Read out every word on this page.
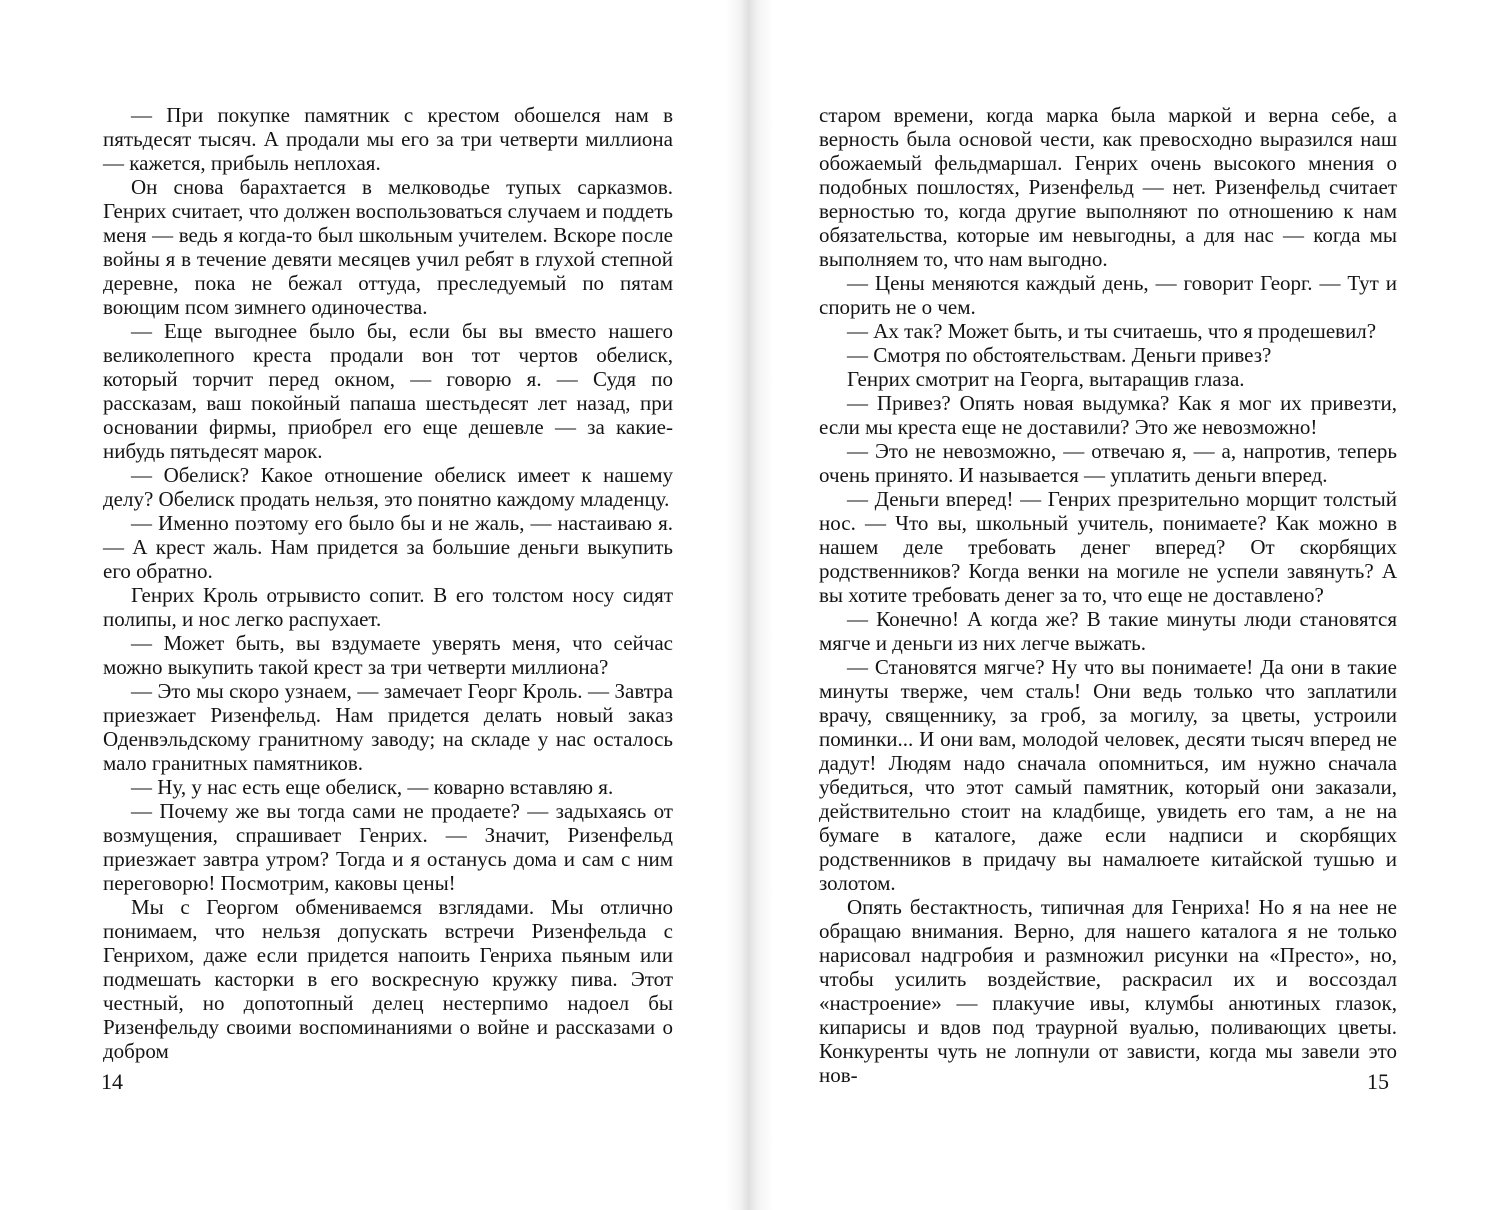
— При покупке памятник с крестом обошелся нам в пятьдесят тысяч. А продали мы его за три четверти миллиона — кажется, прибыль неплохая.

Он снова барахтается в мелководье тупых сарказмов. Генрих считает, что должен воспользоваться случаем и поддеть меня — ведь я когда-то был школьным учителем. Вскоре после войны я в течение девяти месяцев учил ребят в глухой степной деревне, пока не бежал оттуда, преследуемый по пятам воющим псом зимнего одиночества.

— Еще выгоднее было бы, если бы вы вместо нашего великолепного креста продали вон тот чертов обелиск, который торчит перед окном, — говорю я. — Судя по рассказам, ваш покойный папаша шестьдесят лет назад, при основании фирмы, приобрел его еще дешевле — за какие-нибудь пятьдесят марок.

— Обелиск? Какое отношение обелиск имеет к нашему делу? Обелиск продать нельзя, это понятно каждому младенцу.

— Именно поэтому его было бы и не жаль, — настаиваю я. — А крест жаль. Нам придется за большие деньги выкупить его обратно.

Генрих Кроль отрывисто сопит. В его толстом носу сидят полипы, и нос легко распухает.

— Может быть, вы вздумаете уверять меня, что сейчас можно выкупить такой крест за три четверти миллиона?

— Это мы скоро узнаем, — замечает Георг Кроль. — Завтра приезжает Ризенфельд. Нам придется делать новый заказ Оденвэльдскому гранитному заводу; на складе у нас осталось мало гранитных памятников.

— Ну, у нас есть еще обелиск, — коварно вставляю я.

— Почему же вы тогда сами не продаете? — задыхаясь от возмущения, спрашивает Генрих. — Значит, Ризенфельд приезжает завтра утром? Тогда и я останусь дома и сам с ним переговорю! Посмотрим, каковы цены!

Мы с Георгом обмениваемся взглядами. Мы отлично понимаем, что нельзя допускать встречи Ризенфельда с Генрихом, даже если придется напоить Генриха пьяным или подмешать касторки в его воскресную кружку пива. Этот честный, но допотопный делец нестерпимо надоел бы Ризенфельду своими воспоминаниями о войне и рассказами о добром

14

старом времени, когда марка была маркой и верна себе, а верность была основой чести, как превосходно выразился наш обожаемый фельдмаршал. Генрих очень высокого мнения о подобных пошлостях, Ризенфельд — нет. Ризенфельд считает верностью то, когда другие выполняют по отношению к нам обязательства, которые им невыгодны, а для нас — когда мы выполняем то, что нам выгодно.

— Цены меняются каждый день, — говорит Георг. — Тут и спорить не о чем.

— Ах так? Может быть, и ты считаешь, что я продешевил?

— Смотря по обстоятельствам. Деньги привез?

Генрих смотрит на Георга, вытаращив глаза.

— Привез? Опять новая выдумка? Как я мог их привезти, если мы креста еще не доставили? Это же невозможно!

— Это не невозможно, — отвечаю я, — а, напротив, теперь очень принято. И называется — уплатить деньги вперед.

— Деньги вперед! — Генрих презрительно морщит толстый нос. — Что вы, школьный учитель, понимаете? Как можно в нашем деле требовать денег вперед? От скорбящих родственников? Когда венки на могиле не успели завянуть? А вы хотите требовать денег за то, что еще не доставлено?

— Конечно! А когда же? В такие минуты люди становятся мягче и деньги из них легче выжать.

— Становятся мягче? Ну что вы понимаете! Да они в такие минуты тверже, чем сталь! Они ведь только что заплатили врачу, священнику, за гроб, за могилу, за цветы, устроили поминки... И они вам, молодой человек, десяти тысяч вперед не дадут! Людям надо сначала опомниться, им нужно сначала убедиться, что этот самый памятник, который они заказали, действительно стоит на кладбище, увидеть его там, а не на бумаге в каталоге, даже если надписи и скорбящих родственников в придачу вы намалюете китайской тушью и золотом.

Опять бестактность, типичная для Генриха! Но я на нее не обращаю внимания. Верно, для нашего каталога я не только нарисовал надгробия и размножил рисунки на «Престо», но, чтобы усилить воздействие, раскрасил их и воссоздал «настроение» — плакучие ивы, клумбы анютиных глазок, кипарисы и вдов под траурной вуалью, поливающих цветы. Конкуренты чуть не лопнули от зависти, когда мы завели это нов-	15
